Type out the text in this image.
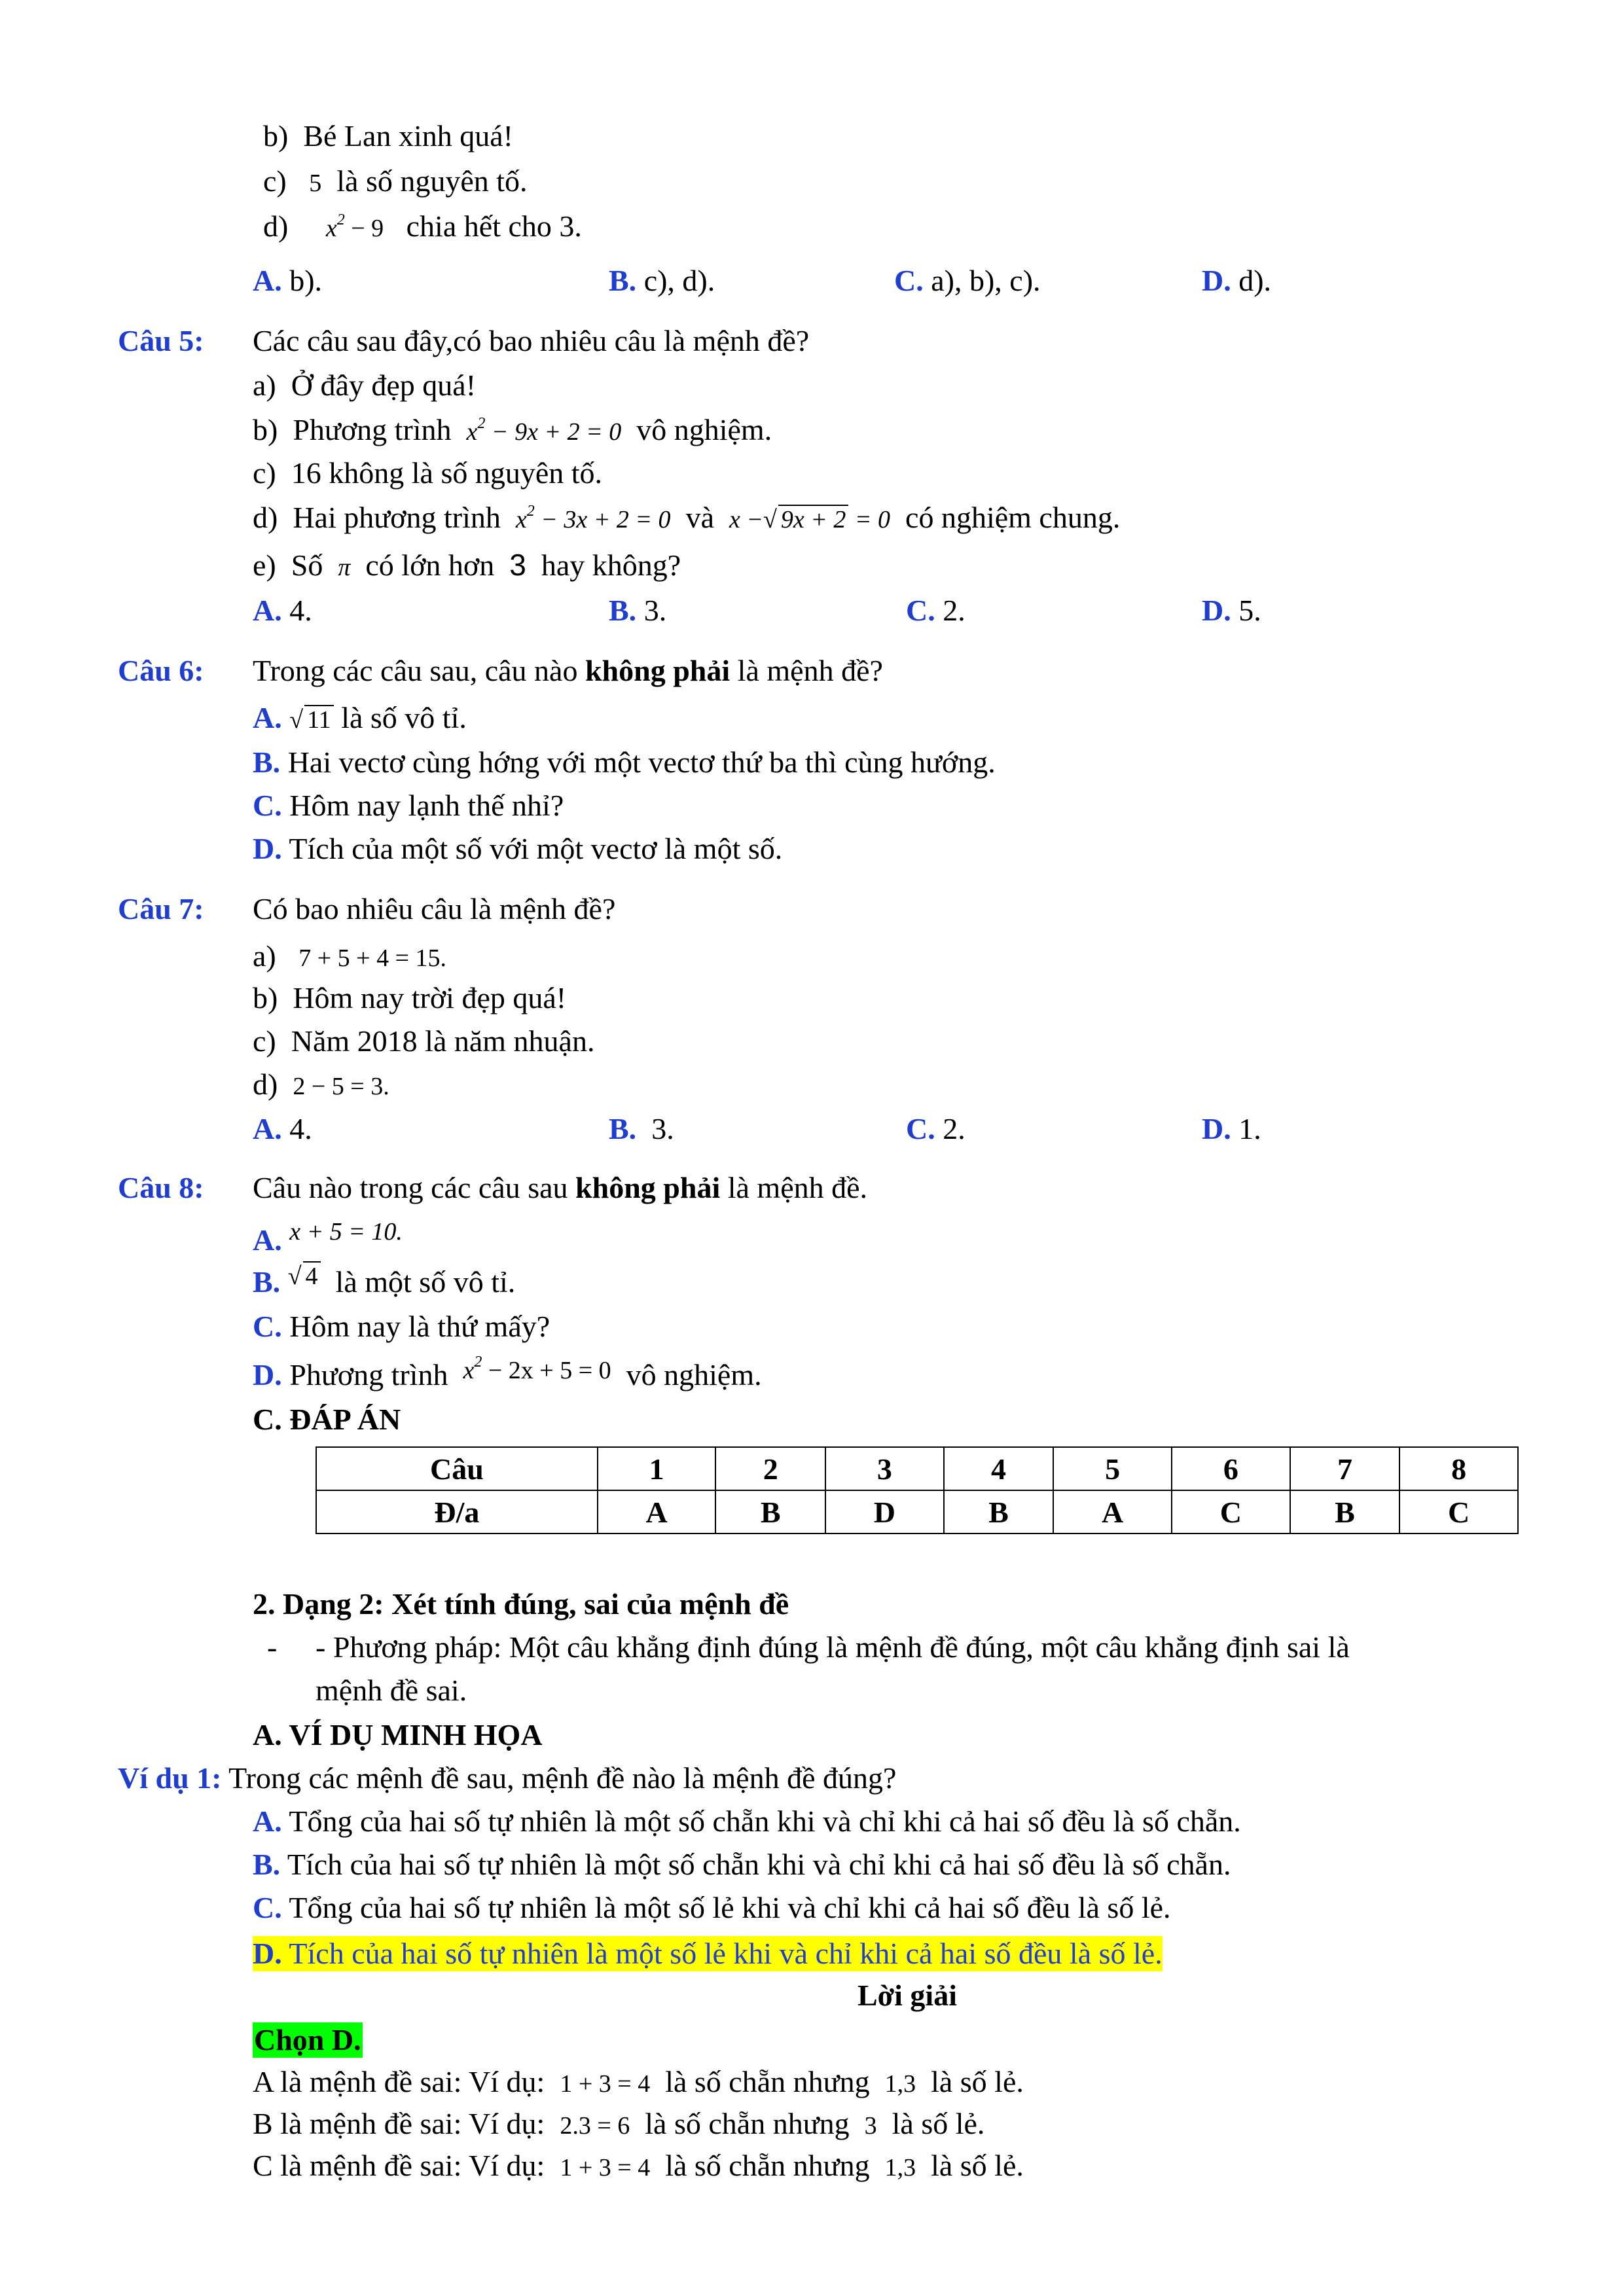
b) Bé Lan xinh quá!
c) 5 là số nguyên tố.
d) $x^2 - 9$ chia hết cho 3.
A. b).	B. c), d).	C. a), b), c).	D. d).
Câu 5: Các câu sau đây,có bao nhiêu câu là mệnh đề?
a) Ở đây đẹp quá!
b) Phương trình $x^2 - 9x + 2 = 0$ vô nghiệm.
c) 16 không là số nguyên tố.
d) Hai phương trình $x^2 - 3x + 2 = 0$ và x −√ 9x + 2 = 0 có nghiệm chung.
e) Số π có lớn hơn 3 hay không?
A. 4.	B. 3.	C. 2.	D. 5.
Câu 6: Trong các câu sau, câu nào không phải là mệnh đề?
A. √ 11 là số vô tỉ.
B. Hai vectơ cùng hớng với một vectơ thứ ba thì cùng hướng.
C. Hôm nay lạnh thế nhỉ?
D. Tích của một số với một vectơ là một số.
Câu 7: Có bao nhiêu câu là mệnh đề?
a) 7 + 5 + 4 = 15.
b) Hôm nay trời đẹp quá!
c) Năm 2018 là năm nhuận.
d) 2 − 5 = 3.
A. 4.	B. 3.	C. 2.	D. 1.
Câu 8: Câu nào trong các câu sau không phải là mệnh đề.
A. x + 5 = 10.
B. $^{√ 4}$ là một số vô tỉ.
C. Hôm nay là thứ mấy?
D. Phương trình $^{x^2 - 2x + 5 = 0}$ vô nghiệm.
C. ĐÁP ÁN
Câu	1	2	3	4	5	6	7	8
Đ/a	A	B	D	B	A	C	B	C
2. Dạng 2: Xét tính đúng, sai của mệnh đề
- - Phương pháp: Một câu khẳng định đúng là mệnh đề đúng, một câu khẳng định sai là
mệnh đề sai.
A. VÍ DỤ MINH HỌA
Ví dụ 1: Trong các mệnh đề sau, mệnh đề nào là mệnh đề đúng?
A. Tổng của hai số tự nhiên là một số chẵn khi và chỉ khi cả hai số đều là số chẵn.
B. Tích của hai số tự nhiên là một số chẵn khi và chỉ khi cả hai số đều là số chẵn.
C. Tổng của hai số tự nhiên là một số lẻ khi và chỉ khi cả hai số đều là số lẻ.
D. Tích của hai số tự nhiên là một số lẻ khi và chỉ khi cả hai số đều là số lẻ.
Lời giải
Chọn D.
A là mệnh đề sai: Ví dụ: 1 + 3 = 4 là số chẵn nhưng 1,3 là số lẻ.
B là mệnh đề sai: Ví dụ: 2.3 = 6 là số chẵn nhưng 3 là số lẻ.
C là mệnh đề sai: Ví dụ: 1 + 3 = 4 là số chẵn nhưng 1,3 là số lẻ.
